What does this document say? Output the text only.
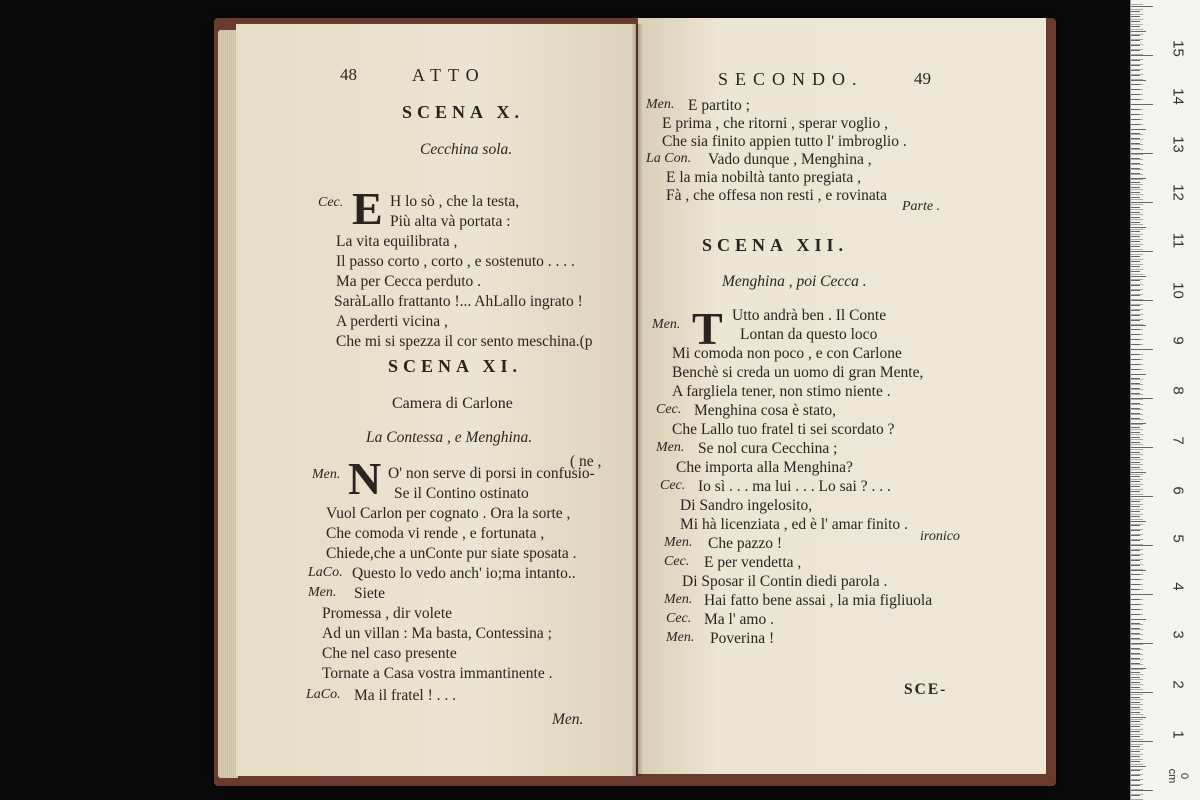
48	ATTO
SCENA X.
Cecchina sola.
Cec. E H lo sò , che la testa,
Più alta và portata :
La vita equilibrata ,
Il passo corto , corto , e sostenuto . . . .
Ma per Cecca perduto .
SaràLallo frattanto !... AhLallo ingrato !
A perderti vicina ,
Che mi si spezza il cor sento meschina.(p
SCENA XI.
Camera di Carlone
La Contessa , e Menghina.
( ne ,
Men. N O' non serve di porsi in confusio-
Se il Contino ostinato
Vuol Carlon per cognato . Ora la sorte ,
Che comoda vi rende , e fortunata ,
Chiede,che a unConte pur siate sposata .
LaCo. Questo lo vedo anch' io;ma intanto..
Men. Siete
Promessa , dir volete
Ad un villan : Ma basta, Contessina ;
Che nel caso presente
Tornate a Casa vostra immantinente .
LaCo. Ma il fratel ! . . .
Men.
SECONDO.	49
Men. E partito ;
E prima , che ritorni , sperar voglio ,
Che sia finito appien tutto l' imbroglio .
La Con. Vado dunque , Menghina ,
E la mia nobiltà tanto pregiata ,
Fà , che offesa non resti , e rovinata
Parte .
SCENA XII.
Menghina , poi Cecca .
Men. T Utto andrà ben . Il Conte
Lontan da questo loco
Mi comoda non poco , e con Carlone
Benchè si creda un uomo di gran Mente,
A fargliela tener, non stimo niente .
Cec. Menghina cosa è stato,
Che Lallo tuo fratel ti sei scordato ?
Men. Se nol cura Cecchina ;
Che importa alla Menghina?
Cec. Io sì . . . ma lui . . . Lo sai ? . . .
Di Sandro ingelosito,
Mi hà licenziata , ed è l' amar finito .
Men. Che pazzo !	ironico
Cec. E per vendetta ,
Di Sposar il Contin diedi parola .
Men. Hai fatto bene assai , la mia figliuola
Cec. Ma l' amo .
Men. Poverina !
SCE-
15
14
13
12
11
10
9
8
7
6
5
4
3
2
1
0 cm
